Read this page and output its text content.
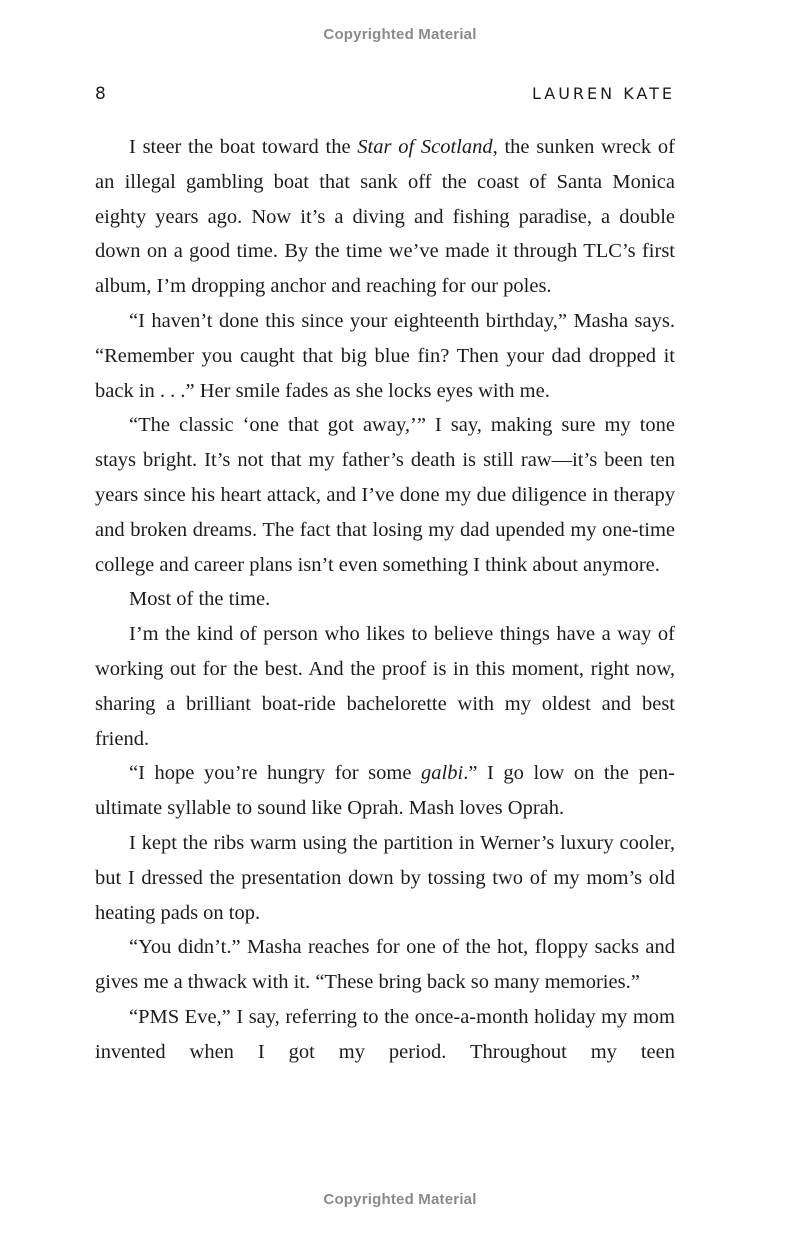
Copyrighted Material
8	LAUREN KATE

I steer the boat toward the Star of Scotland, the sunken wreck of an illegal gambling boat that sank off the coast of Santa Monica eighty years ago. Now it’s a diving and fishing paradise, a double down on a good time. By the time we’ve made it through TLC’s first album, I’m dropping anchor and reaching for our poles.

“I haven’t done this since your eighteenth birthday,” Masha says. “Remember you caught that big blue fin? Then your dad dropped it back in . . .” Her smile fades as she locks eyes with me.

“The classic ‘one that got away,’” I say, making sure my tone stays bright. It’s not that my father’s death is still raw—it’s been ten years since his heart attack, and I’ve done my due diligence in therapy and broken dreams. The fact that losing my dad upended my one-time college and career plans isn’t even something I think about anymore.

Most of the time.

I’m the kind of person who likes to believe things have a way of working out for the best. And the proof is in this moment, right now, sharing a brilliant boat-ride bachelorette with my oldest and best friend.

“I hope you’re hungry for some galbi.” I go low on the penultimate syllable to sound like Oprah. Mash loves Oprah.

I kept the ribs warm using the partition in Werner’s luxury cooler, but I dressed the presentation down by tossing two of my mom’s old heating pads on top.

“You didn’t.” Masha reaches for one of the hot, floppy sacks and gives me a thwack with it. “These bring back so many memories.”

“PMS Eve,” I say, referring to the once-a-month holiday my mom invented when I got my period. Throughout my teen

Copyrighted Material
